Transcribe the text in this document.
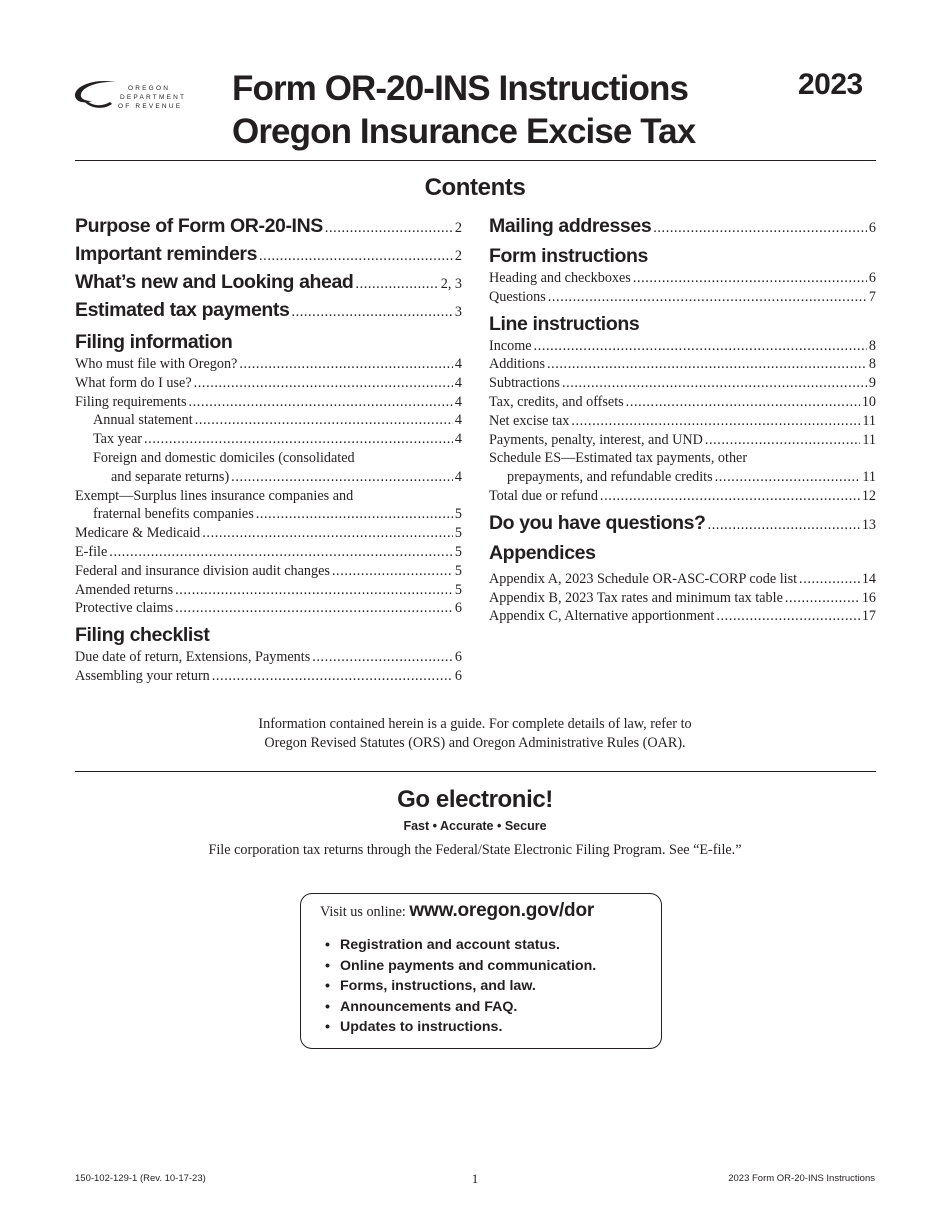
OREGON
DEPARTMENT
OF REVENUE Form OR-20-INS Instructions
Oregon Insurance Excise Tax
2023
Contents
Purpose of Form OR-20-INS .....	2
Important reminders .....	2
What’s new and Looking ahead .....	2, 3
Estimated tax payments .....	3
Filing information
Who must file with Oregon? .....	4
What form do I use? .....	4
Filing requirements .....	4
Annual statement .....	4
Tax year .....	4
Foreign and domestic domiciles (consolidated
and separate returns) .....	4
Exempt—Surplus lines insurance companies and
fraternal benefits companies .....	5
Medicare & Medicaid .....	5
E-file .....	5
Federal and insurance division audit changes .....	5
Amended returns .....	5
Protective claims .....	6
Filing checklist
Due date of return, Extensions, Payments .....	6
Assembling your return .....	6
Mailing addresses .....	6
Form instructions
Heading and checkboxes .....	6
Questions .....	7
Line instructions
Income .....	8
Additions .....	8
Subtractions .....	9
Tax, credits, and offsets .....	10
Net excise tax .....	11
Payments, penalty, interest, and UND .....	11
Schedule ES—Estimated tax payments, other
prepayments, and refundable credits .....	11
Total due or refund .....	12
Do you have questions? .....	13
Appendices
Appendix A, 2023 Schedule OR-ASC-CORP code list .....	14
Appendix B, 2023 Tax rates and minimum tax table .....	16
Appendix C, Alternative apportionment .....	17
Information contained herein is a guide. For complete details of law, refer to
Oregon Revised Statutes (ORS) and Oregon Administrative Rules (OAR).
Go electronic!
Fast • Accurate • Secure
File corporation tax returns through the Federal/State Electronic Filing Program. See “E-file.”
Visit us online: www.oregon.gov/dor
• Registration and account status.
• Online payments and communication.
• Forms, instructions, and law.
• Announcements and FAQ.
• Updates to instructions.
150-102-129-1 (Rev. 10-17-23)	1	2023 Form OR-20-INS Instructions
